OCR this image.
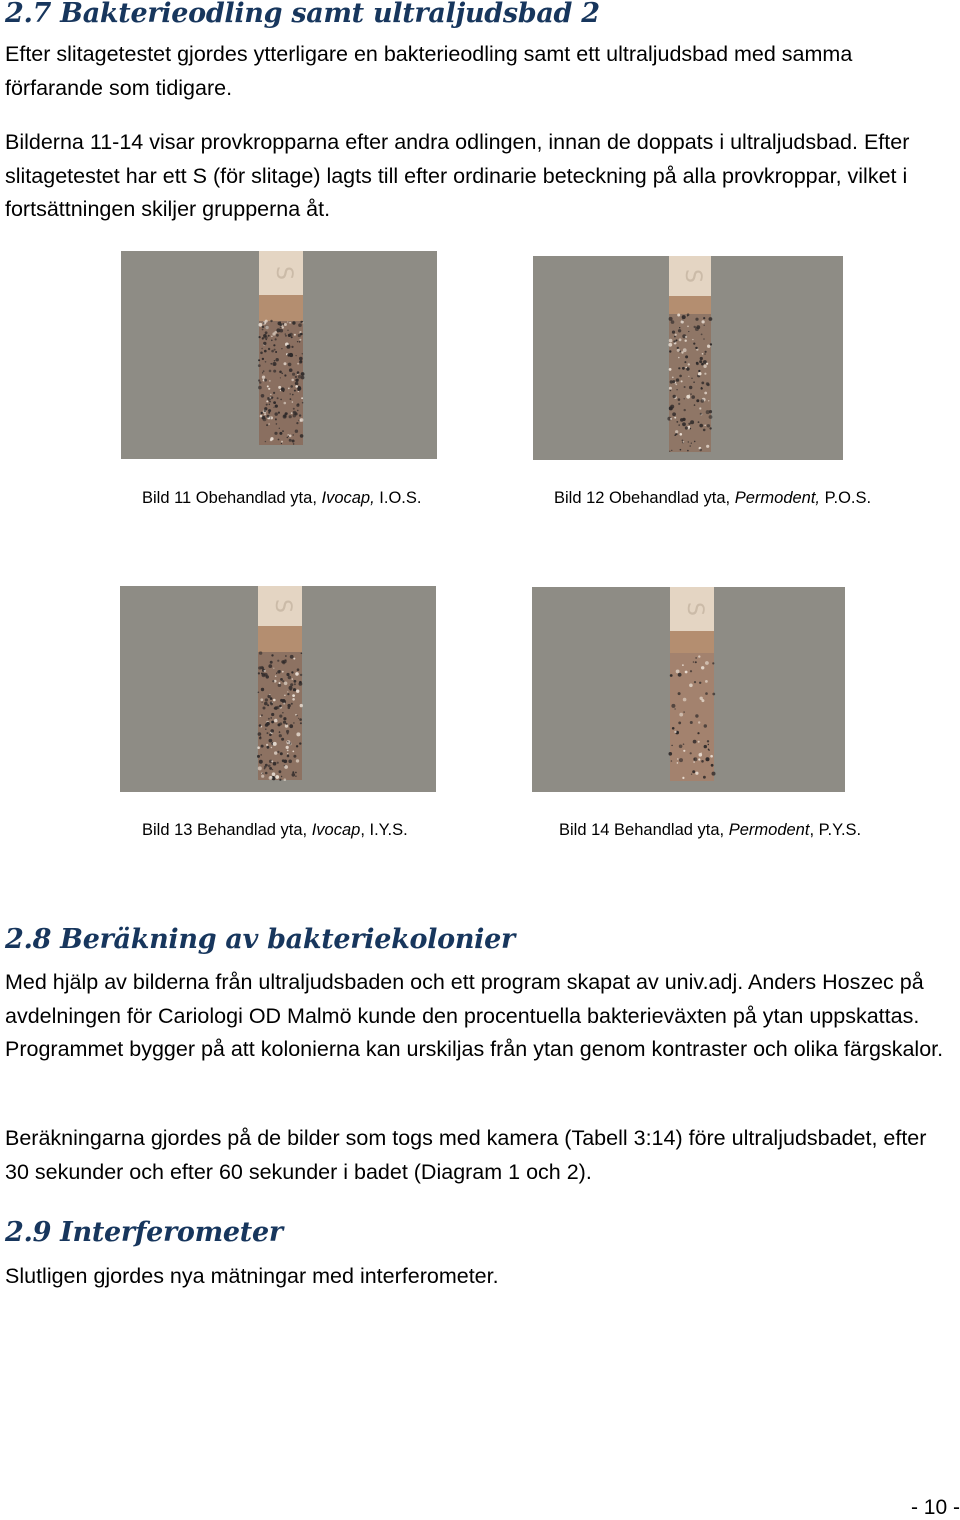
2.7 Bakterieodling samt ultraljudsbad 2

Efter slitagetestet gjordes ytterligare en bakterieodling samt ett ultraljudsbad med samma förfarande som tidigare.

Bilderna 11-14 visar provkropparna efter andra odlingen, innan de doppats i ultraljudsbad. Efter slitagetestet har ett S (för slitage) lagts till efter ordinarie beteckning på alla provkroppar, vilket i fortsättningen skiljer grupperna åt.

S	S
Bild 11 Obehandlad yta, Ivocap, I.O.S.	Bild 12 Obehandlad yta, Permodent, P.O.S.
S	S
Bild 13 Behandlad yta, Ivocap, I.Y.S.	Bild 14 Behandlad yta, Permodent, P.Y.S.
2.8 Beräkning av bakteriekolonier

Med hjälp av bilderna från ultraljudsbaden och ett program skapat av univ.adj. Anders Hoszec på avdelningen för Cariologi OD Malmö kunde den procentuella bakterieväxten på ytan uppskattas. Programmet bygger på att kolonierna kan urskiljas från ytan genom kontraster och olika färgskalor.

Beräkningarna gjordes på de bilder som togs med kamera (Tabell 3:14) före ultraljudsbadet, efter 30 sekunder och efter 60 sekunder i badet (Diagram 1 och 2).

2.9 Interferometer

Slutligen gjordes nya mätningar med interferometer.

- 10 -
